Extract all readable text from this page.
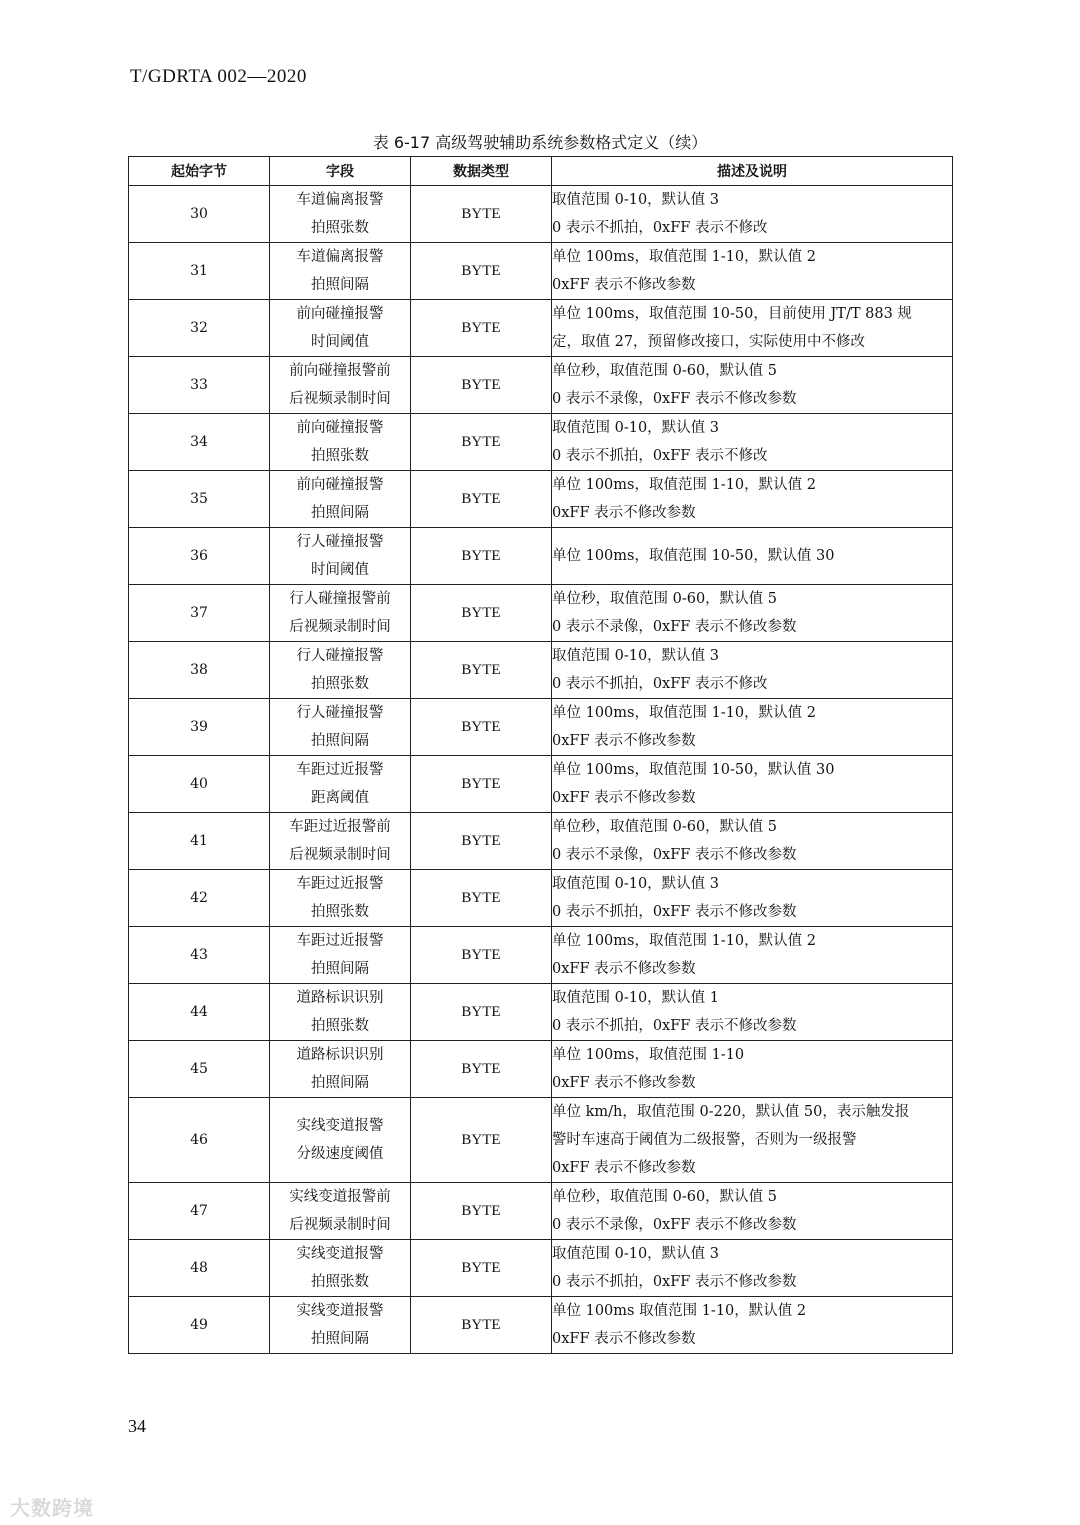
T/GDRTA 002—2020
表 6-17 高级驾驶辅助系统参数格式定义（续）
起始字节	字段	数据类型	描述及说明
30	车道偏离报警
拍照张数	BYTE	取值范围 0-10，默认值 3
0 表示不抓拍，0xFF 表示不修改

31	车道偏离报警
拍照间隔	BYTE	单位 100ms，取值范围 1-10，默认值 2
0xFF 表示不修改参数

32	前向碰撞报警
时间阈值	BYTE	单位 100ms，取值范围 10-50，目前使用 JT/T 883 规
定，取值 27，预留修改接口，实际使用中不修改

33	前向碰撞报警前
后视频录制时间	BYTE	单位秒，取值范围 0-60，默认值 5
0 表示不录像，0xFF 表示不修改参数

34	前向碰撞报警
拍照张数	BYTE	取值范围 0-10，默认值 3
0 表示不抓拍，0xFF 表示不修改

35	前向碰撞报警
拍照间隔	BYTE	单位 100ms，取值范围 1-10，默认值 2
0xFF 表示不修改参数

36	行人碰撞报警
时间阈值	BYTE	单位 100ms，取值范围 10-50，默认值 30

37	行人碰撞报警前
后视频录制时间	BYTE	单位秒，取值范围 0-60，默认值 5
0 表示不录像，0xFF 表示不修改参数

38	行人碰撞报警
拍照张数	BYTE	取值范围 0-10，默认值 3
0 表示不抓拍，0xFF 表示不修改

39	行人碰撞报警
拍照间隔	BYTE	单位 100ms，取值范围 1-10，默认值 2
0xFF 表示不修改参数

40	车距过近报警
距离阈值	BYTE	单位 100ms，取值范围 10-50，默认值 30
0xFF 表示不修改参数

41	车距过近报警前
后视频录制时间	BYTE	单位秒，取值范围 0-60，默认值 5
0 表示不录像，0xFF 表示不修改参数

42	车距过近报警
拍照张数	BYTE	取值范围 0-10，默认值 3
0 表示不抓拍，0xFF 表示不修改参数

43	车距过近报警
拍照间隔	BYTE	单位 100ms，取值范围 1-10，默认值 2
0xFF 表示不修改参数

44	道路标识识别
拍照张数	BYTE	取值范围 0-10，默认值 1
0 表示不抓拍，0xFF 表示不修改参数

45	道路标识识别
拍照间隔	BYTE	单位 100ms，取值范围 1-10
0xFF 表示不修改参数

46	实线变道报警
分级速度阈值	BYTE	单位 km/h，取值范围 0-220，默认值 50，表示触发报
警时车速高于阈值为二级报警，否则为一级报警
0xFF 表示不修改参数

47	实线变道报警前
后视频录制时间	BYTE	单位秒，取值范围 0-60，默认值 5
0 表示不录像，0xFF 表示不修改参数

48	实线变道报警
拍照张数	BYTE	取值范围 0-10，默认值 3
0 表示不抓拍，0xFF 表示不修改参数

49	实线变道报警
拍照间隔	BYTE	单位 100ms 取值范围 1-10，默认值 2
0xFF 表示不修改参数
34
大数跨境
